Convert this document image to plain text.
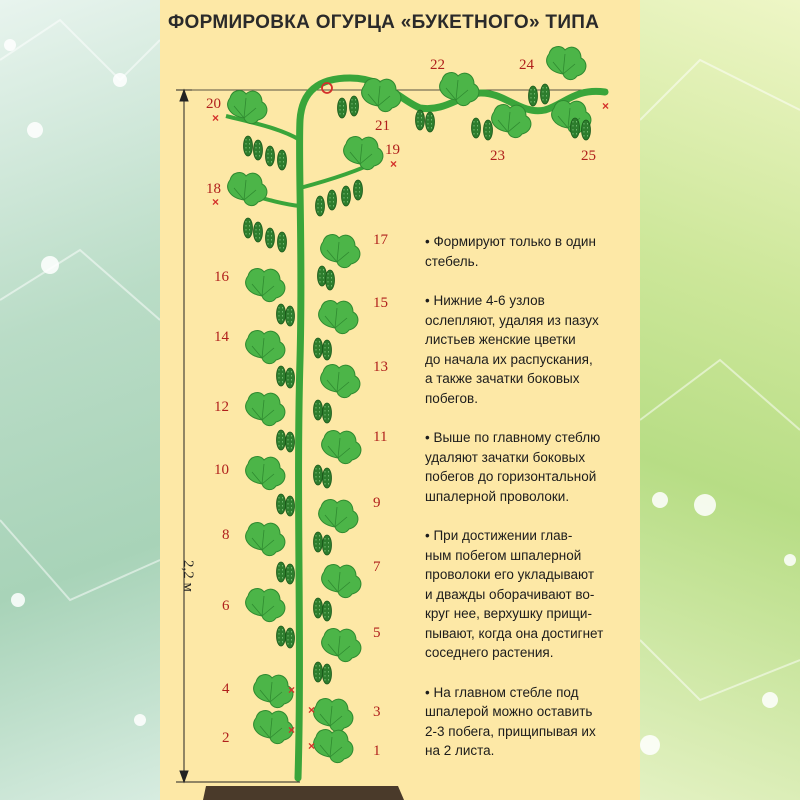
ФОРМИРОВКА ОГУРЦА «БУКЕТНОГО» ТИПА
2,2 м
×
×
×
×
×
×
×
×	1
2
3
4
5
6
7
8
9
10
11
12
13
14
15
16
17
18
19
20
21
22
23
24
25

• Формируют только в один

стебель.

• Нижние 4-6 узлов

ослепляют, удаляя из пазух

листьев женские цветки

до начала их распускания,

а также зачатки боковых

побегов.

• Выше по главному стеблю

удаляют зачатки боковых

побегов до горизонтальной

шпалерной проволоки.

• При достижении глав-

ным побегом шпалерной

проволоки его укладывают

и дважды оборачивают во-

круг нее, верхушку прищи-

пывают, когда она достигнет

соседнего растения.

• На главном стебле под

шпалерой можно оставить

2-3 побега, прищипывая их

на 2 листа.
